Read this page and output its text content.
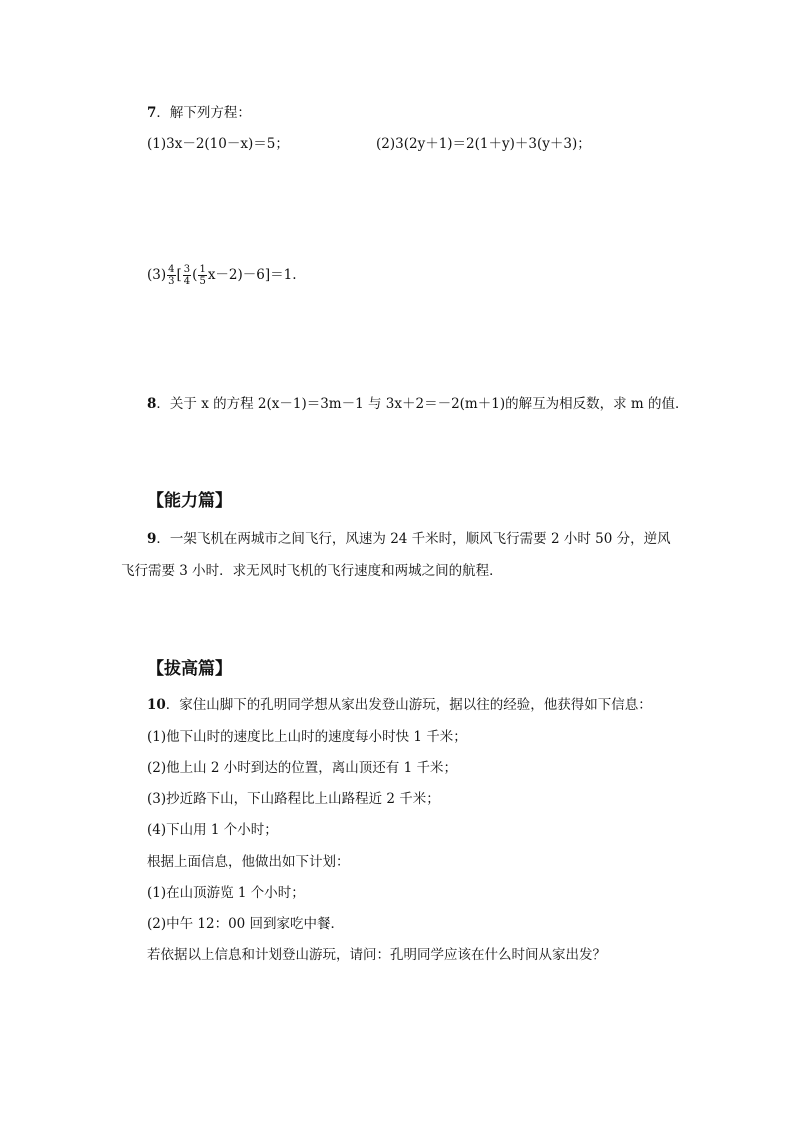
7．解下列方程：
(1)3x－2(10－x)＝5；	(2)3(2y＋1)＝2(1＋y)＋3(y＋3)；
$(3) \frac{4}{3}$ [ $\frac{3}{4}$ ( $\frac{1}{5} x-2)-6]=1$.
8．关于 x 的方程 2(x－1)＝3m－1 与 3x＋2＝－2(m＋1)的解互为相反数，求 m 的值．
【能力篇】
9．一架飞机在两城市之间飞行，风速为 24 千米时，顺风飞行需要 2 小时 50 分，逆风
飞行需要 3 小时．求无风时飞机的飞行速度和两城之间的航程．
【拔高篇】
10．家住山脚下的孔明同学想从家出发登山游玩，据以往的经验，他获得如下信息：
(1)他下山时的速度比上山时的速度每小时快 1 千米；
(2)他上山 2 小时到达的位置，离山顶还有 1 千米；
(3)抄近路下山，下山路程比上山路程近 2 千米；
(4)下山用 1 个小时；
根据上面信息，他做出如下计划：
(1)在山顶游览 1 个小时；
(2)中午 12：00 回到家吃中餐．
若依据以上信息和计划登山游玩，请问：孔明同学应该在什么时间从家出发？
